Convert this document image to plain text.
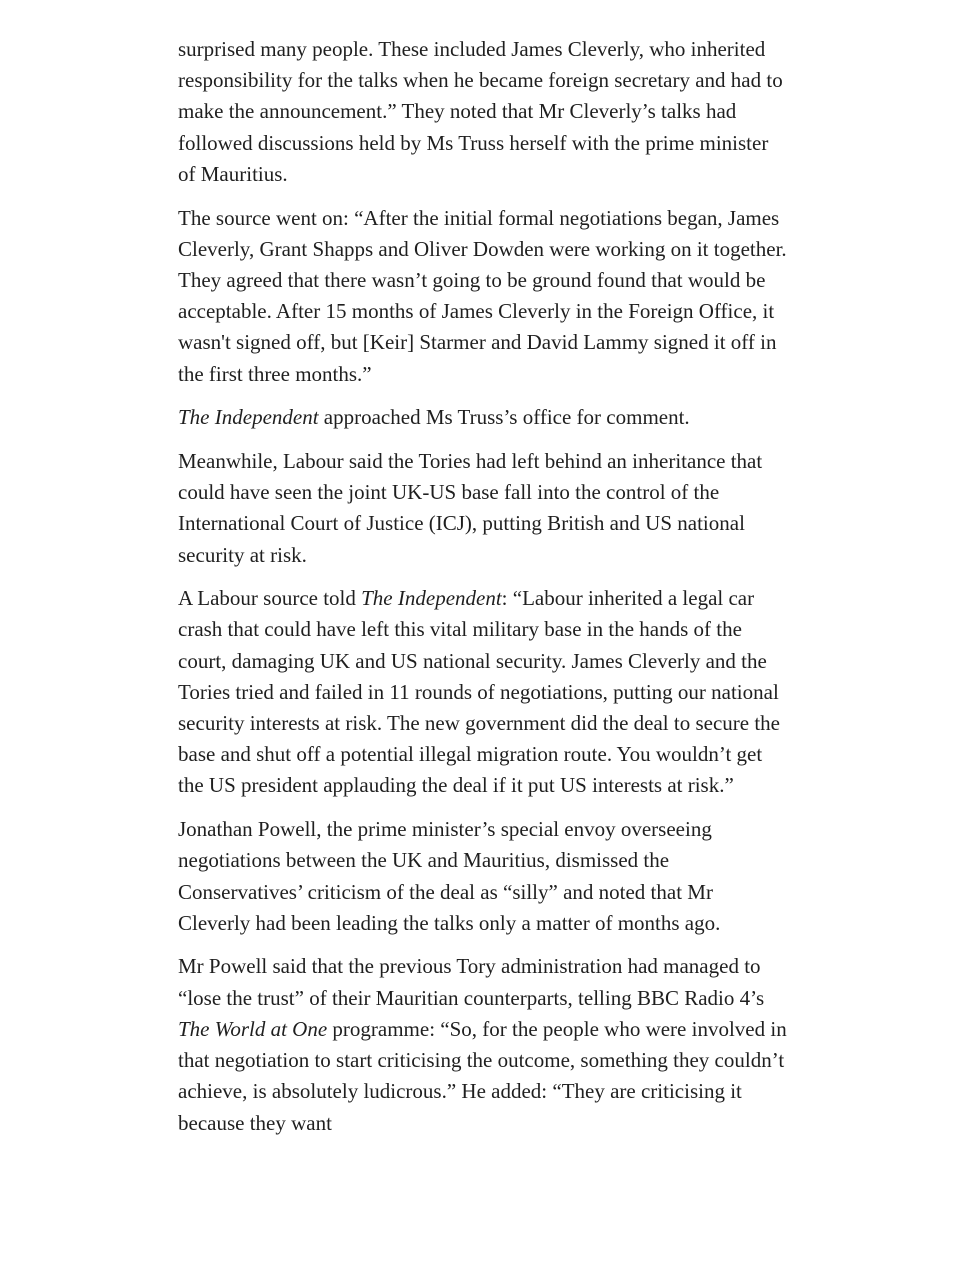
surprised many people. These included James Cleverly, who inherited responsibility for the talks when he became foreign secretary and had to make the announcement.” They noted that Mr Cleverly’s talks had followed discussions held by Ms Truss herself with the prime minister of Mauritius.

The source went on: “After the initial formal negotiations began, James Cleverly, Grant Shapps and Oliver Dowden were working on it together. They agreed that there wasn’t going to be ground found that would be acceptable. After 15 months of James Cleverly in the Foreign Office, it wasn't signed off, but [Keir] Starmer and David Lammy signed it off in the first three months.”

The Independent approached Ms Truss’s office for comment.

Meanwhile, Labour said the Tories had left behind an inheritance that could have seen the joint UK-US base fall into the control of the International Court of Justice (ICJ), putting British and US national security at risk.

A Labour source told The Independent: “Labour inherited a legal car crash that could have left this vital military base in the hands of the court, damaging UK and US national security. James Cleverly and the Tories tried and failed in 11 rounds of negotiations, putting our national security interests at risk. The new government did the deal to secure the base and shut off a potential illegal migration route. You wouldn’t get the US president applauding the deal if it put US interests at risk.”

Jonathan Powell, the prime minister’s special envoy overseeing negotiations between the UK and Mauritius, dismissed the Conservatives’ criticism of the deal as “silly” and noted that Mr Cleverly had been leading the talks only a matter of months ago.

Mr Powell said that the previous Tory administration had managed to “lose the trust” of their Mauritian counterparts, telling BBC Radio 4’s The World at One programme: “So, for the people who were involved in that negotiation to start criticising the outcome, something they couldn’t achieve, is absolutely ludicrous.” He added: “They are criticising it because they want
